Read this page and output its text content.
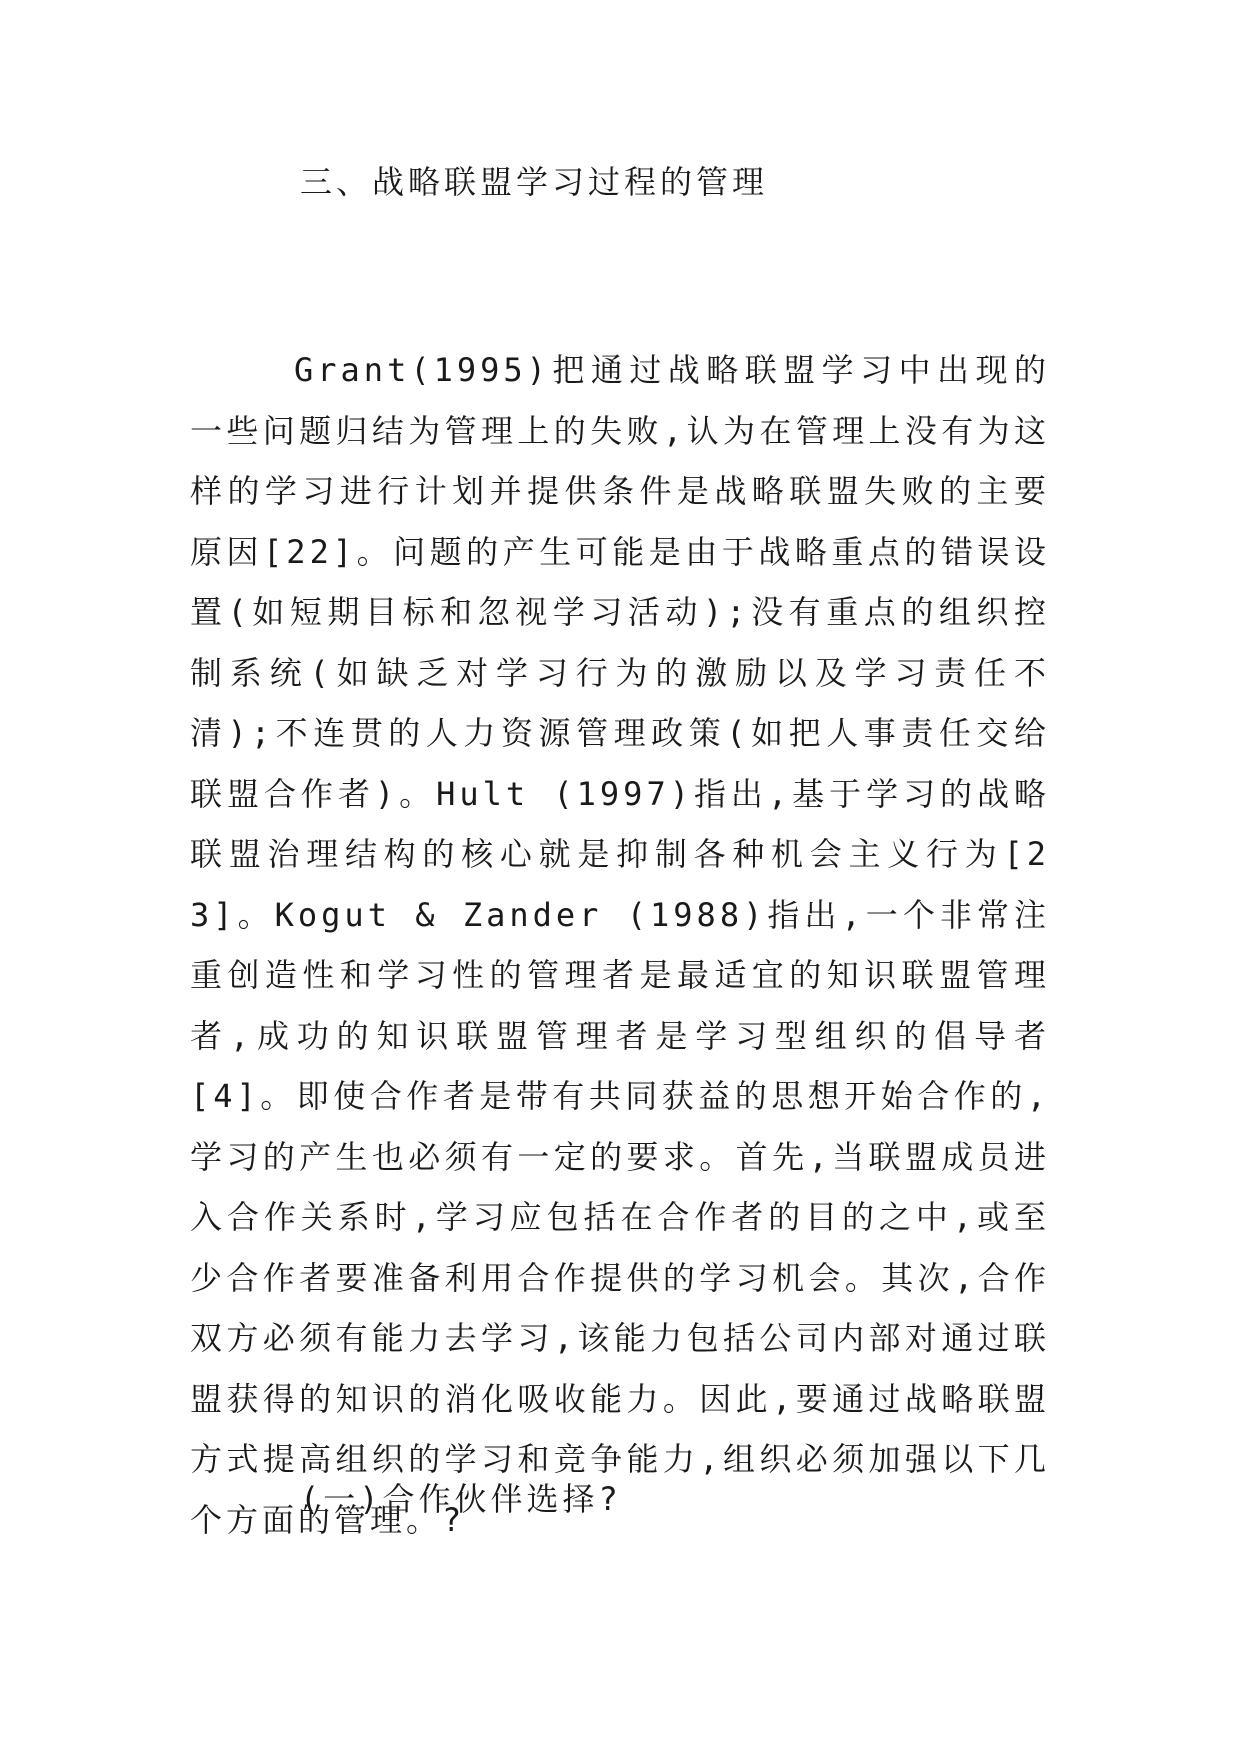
三、战略联盟学习过程的管理

Grant(1995)把通过战略联盟学习中出现的一些问题归结为管理上的失败,认为在管理上没有为这样的学习进行计划并提供条件是战略联盟失败的主要原因[22]。问题的产生可能是由于战略重点的错误设置(如短期目标和忽视学习活动);没有重点的组织控制系统(如缺乏对学习行为的激励以及学习责任不清);不连贯的人力资源管理政策(如把人事责任交给联盟合作者)。Hult (1997)指出,基于学习的战略联盟治理结构的核心就是抑制各种机会主义行为[23]。Kogut & Zander (1988)指出,一个非常注重创造性和学习性的管理者是最适宜的知识联盟管理者,成功的知识联盟管理者是学习型组织的倡导者[4]。即使合作者是带有共同获益的思想开始合作的,学习的产生也必须有一定的要求。首先,当联盟成员进入合作关系时,学习应包括在合作者的目的之中,或至少合作者要准备利用合作提供的学习机会。其次,合作双方必须有能力去学习,该能力包括公司内部对通过联盟获得的知识的消化吸收能力。因此,要通过战略联盟方式提高组织的学习和竞争能力,组织必须加强以下几个方面的管理。?

(一)合作伙伴选择?
